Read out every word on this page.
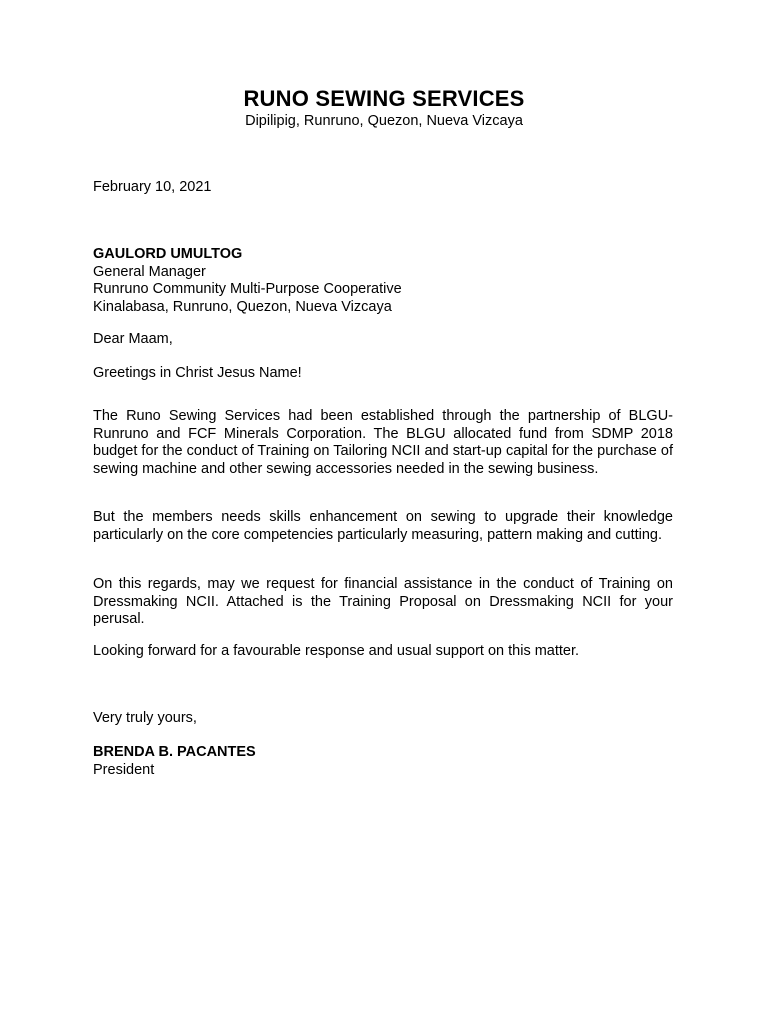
RUNO SEWING SERVICES
Dipilipig, Runruno, Quezon, Nueva Vizcaya
February 10, 2021
GAULORD UMULTOG
General Manager
Runruno Community Multi-Purpose Cooperative
Kinalabasa, Runruno, Quezon, Nueva Vizcaya
Dear Maam,
Greetings in Christ Jesus Name!
The Runo Sewing Services had been established through the partnership of BLGU-Runruno and FCF Minerals Corporation. The BLGU allocated fund from SDMP 2018 budget for the conduct of Training on Tailoring NCII and start-up capital for the purchase of sewing machine and other sewing accessories needed in the sewing business.
But the members needs skills enhancement on sewing to upgrade their knowledge particularly on the core competencies particularly measuring, pattern making and cutting.
On this regards, may we request for financial assistance in the conduct of Training on Dressmaking NCII. Attached is the Training Proposal on Dressmaking NCII for your perusal.
Looking forward for a favourable response and usual support on this matter.
Very truly yours,
BRENDA B. PACANTES
President
